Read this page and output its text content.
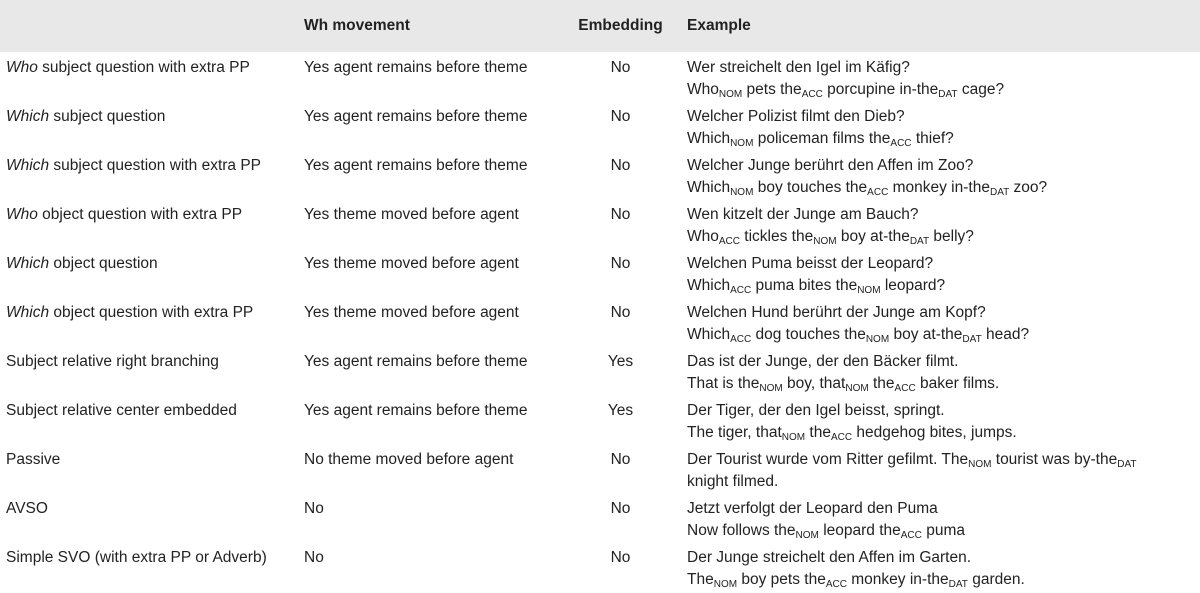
	Wh movement	Embedding	Example
Who subject question with extra PP	Yes agent remains before theme	No	Wer streichelt den Igel im Käfig?
Who$_{NOM}$ pets the$_{ACC}$ porcupine in-the$_{DAT}$ cage?

Which subject question	Yes agent remains before theme	No	Welcher Polizist filmt den Dieb?
Which$_{NOM}$ policeman films the$_{ACC}$ thief?

Which subject question with extra PP	Yes agent remains before theme	No	Welcher Junge berührt den Affen im Zoo?
Which$_{NOM}$ boy touches the$_{ACC}$ monkey in-the$_{DAT}$ zoo?

Who object question with extra PP	Yes theme moved before agent	No	Wen kitzelt der Junge am Bauch?
Who$_{ACC}$ tickles the$_{NOM}$ boy at-the$_{DAT}$ belly?

Which object question	Yes theme moved before agent	No	Welchen Puma beisst der Leopard?
Which$_{ACC}$ puma bites the$_{NOM}$ leopard?

Which object question with extra PP	Yes theme moved before agent	No	Welchen Hund berührt der Junge am Kopf?
Which$_{ACC}$ dog touches the$_{NOM}$ boy at-the$_{DAT}$ head?

Subject relative right branching	Yes agent remains before theme	Yes	Das ist der Junge, der den Bäcker filmt.
That is the$_{NOM}$ boy, that$_{NOM}$ the$_{ACC}$ baker films.

Subject relative center embedded	Yes agent remains before theme	Yes	Der Tiger, der den Igel beisst, springt.
The tiger, that$_{NOM}$ the$_{ACC}$ hedgehog bites, jumps.

Passive	No theme moved before agent	No	Der Tourist wurde vom Ritter gefilmt. The$_{NOM}$ tourist was by-the$_{DAT}$
knight filmed.

AVSO	No	No	Jetzt verfolgt der Leopard den Puma
Now follows the$_{NOM}$ leopard the$_{ACC}$ puma

Simple SVO (with extra PP or Adverb)	No	No	Der Junge streichelt den Affen im Garten.
The$_{NOM}$ boy pets the$_{ACC}$ monkey in-the$_{DAT}$ garden.
